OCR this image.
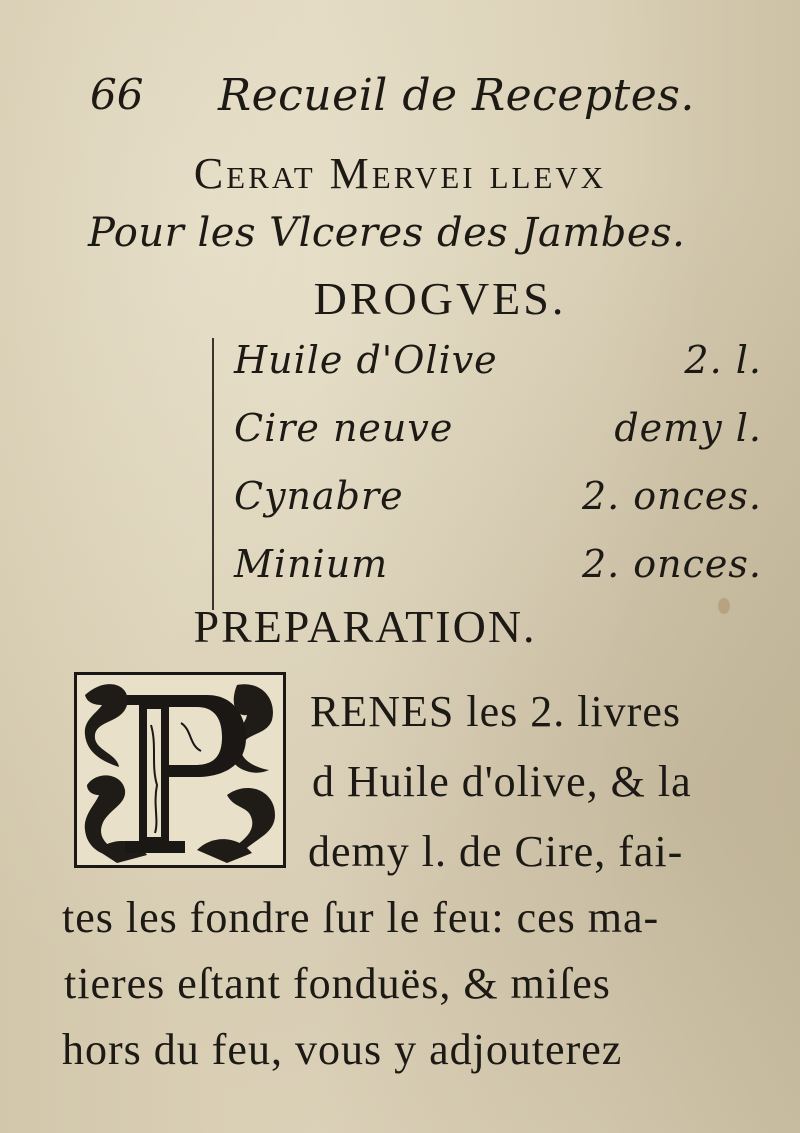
66 Recueil de Receptes.
Cerat Mervei llevx
Pour les Vlceres des Jambes.
DROGVES.
Huile d'Olive	2. l.
Cire neuve	demy l.
Cynabre	2. onces.
Minium	2. onces.
PREPARATION.
RENES les 2. livres
d Huile d'olive, & la
demy l. de Cire, fai-
tes les fondre ſur le feu: ces ma-
tieres eſtant fonduës, & miſes
hors du feu, vous y adjouterez
